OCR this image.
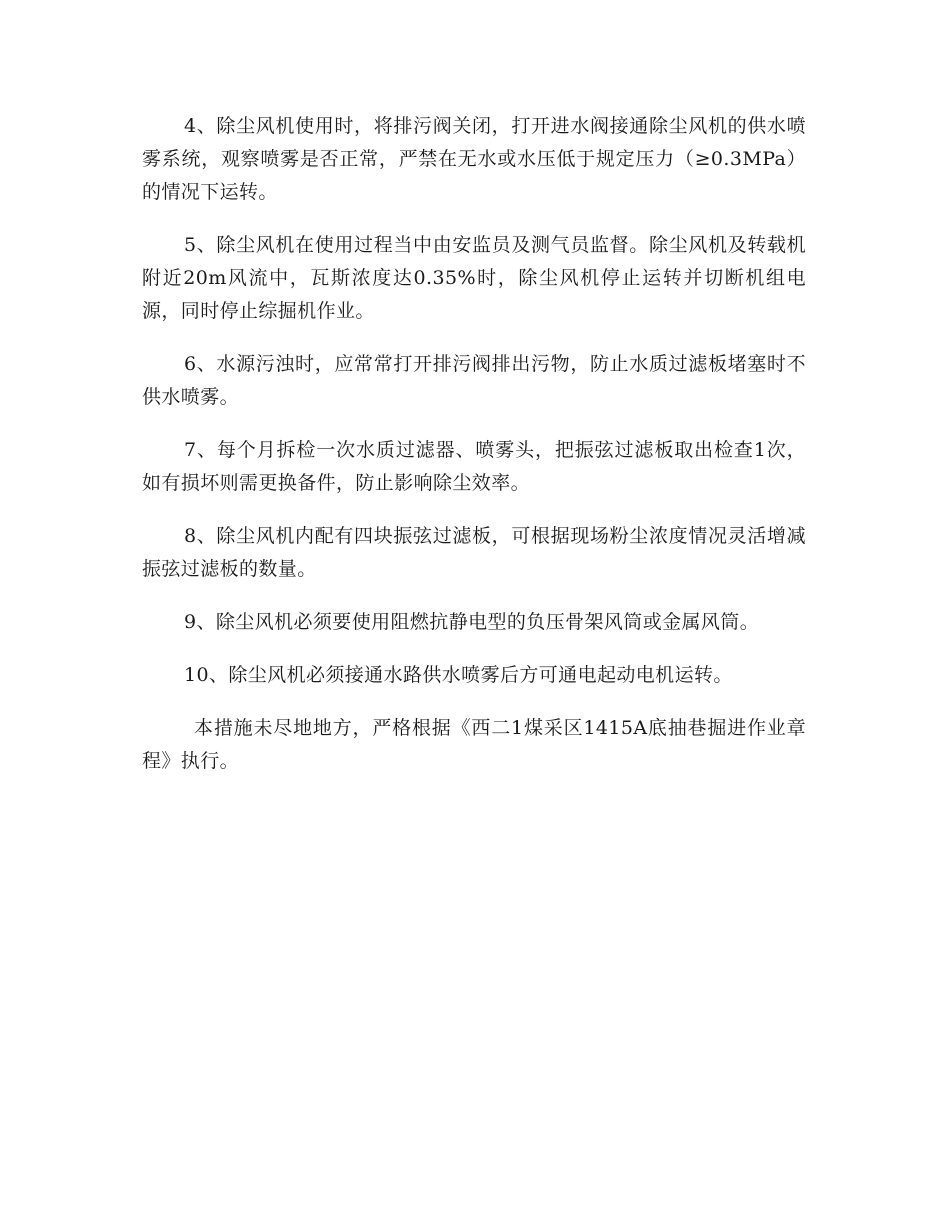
4、除尘风机使用时，将排污阀关闭，打开进水阀接通除尘风机的供水喷雾系统，观察喷雾是否正常，严禁在无水或水压低于规定压力（≥0.3MPa）的情况下运转。

5、除尘风机在使用过程当中由安监员及测气员监督。除尘风机及转载机附近20m风流中，瓦斯浓度达0.35%时，除尘风机停止运转并切断机组电源，同时停止综掘机作业。

6、水源污浊时，应常常打开排污阀排出污物，防止水质过滤板堵塞时不供水喷雾。

7、每个月拆检一次水质过滤器、喷雾头，把振弦过滤板取出检查1次，如有损坏则需更换备件，防止影响除尘效率。

8、除尘风机内配有四块振弦过滤板，可根据现场粉尘浓度情况灵活增减振弦过滤板的数量。

9、除尘风机必须要使用阻燃抗静电型的负压骨架风筒或金属风筒。

10、除尘风机必须接通水路供水喷雾后方可通电起动电机运转。

本措施未尽地地方，严格根据《西二1煤采区1415A底抽巷掘进作业章程》执行。
